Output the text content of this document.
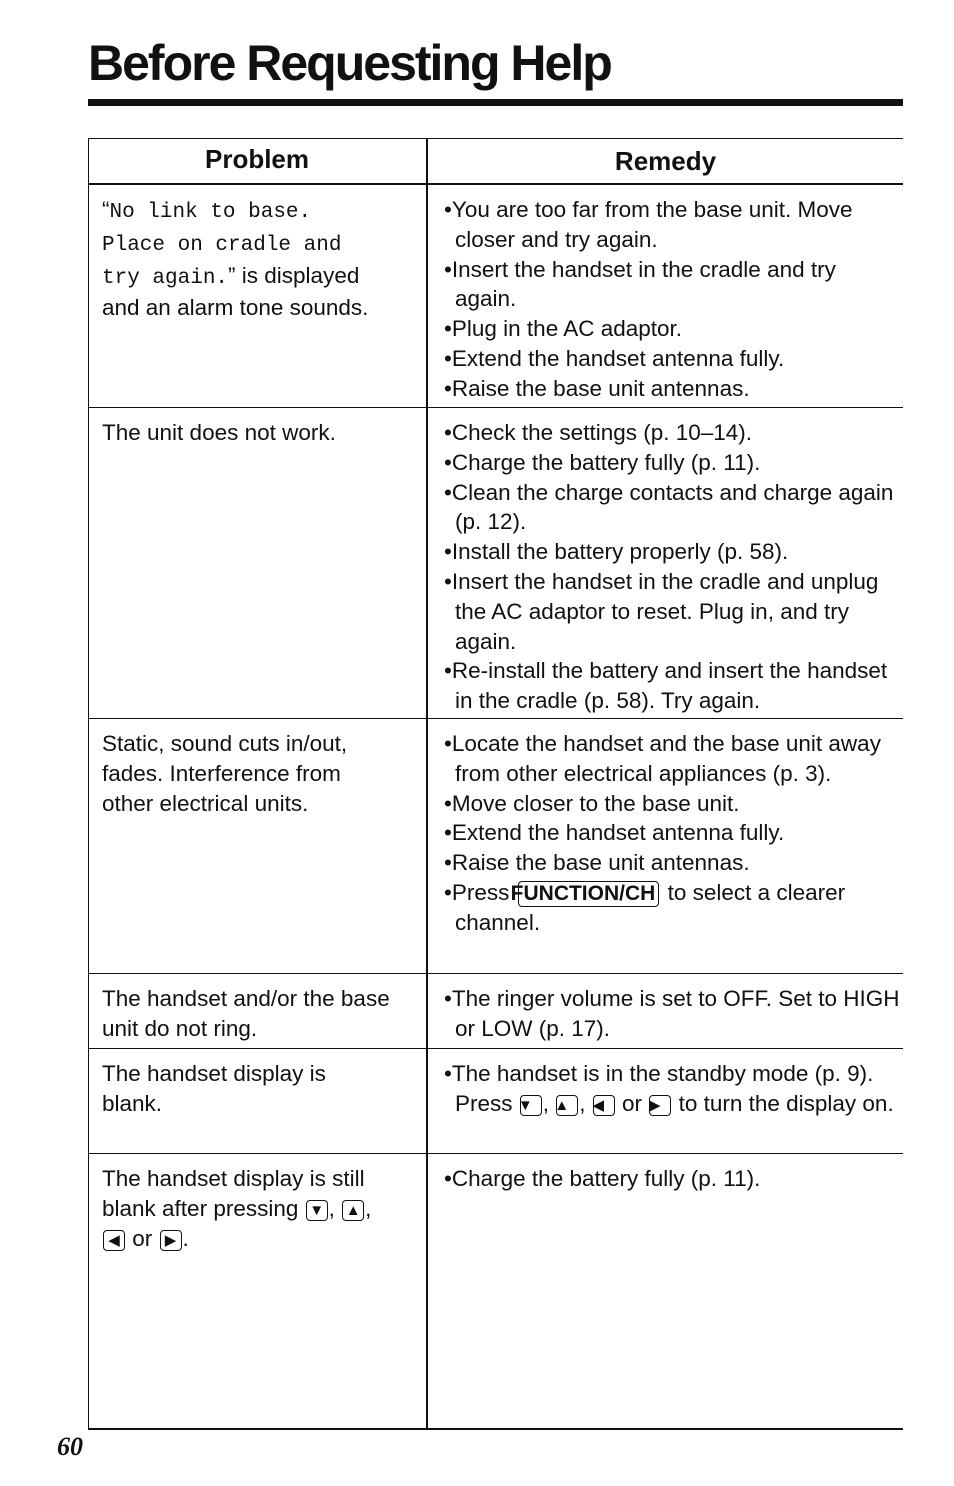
Before Requesting Help
Problem	Remedy
“No link to base.
Place on cradle and
try again.” is displayed
and an alarm tone sounds.
•You are too far from the base unit. Move closer and try again.
•Insert the handset in the cradle and try again.
•Plug in the AC adaptor.
•Extend the handset antenna fully.
•Raise the base unit antennas.
The unit does not work.	•Check the settings (p. 10–14).
•Charge the battery fully (p. 11).
•Clean the charge contacts and charge again (p. 12).
•Install the battery properly (p. 58).
•Insert the handset in the cradle and unplug the AC adaptor to reset. Plug in, and try again.
•Re-install the battery and insert the handset in the cradle (p. 58). Try again.
Static, sound cuts in/out,
fades. Interference from
other electrical units.
•Locate the handset and the base unit away from other electrical appliances (p. 3).
•Move closer to the base unit.
•Extend the handset antenna fully.
•Raise the base unit antennas.
•Press FUNCTION/CH to select a clearer channel.
The handset and/or the base
unit do not ring.
•The ringer volume is set to OFF. Set to HIGH or LOW (p. 17).
The handset display is
blank.
•The handset is in the standby mode (p. 9). Press ▼ , ▲ , ◀ or ▶ to turn the display on.
The handset display is still
blank after pressing ▼ , ▲ ,
◀ or ▶ .
•Charge the battery fully (p. 11).
60
